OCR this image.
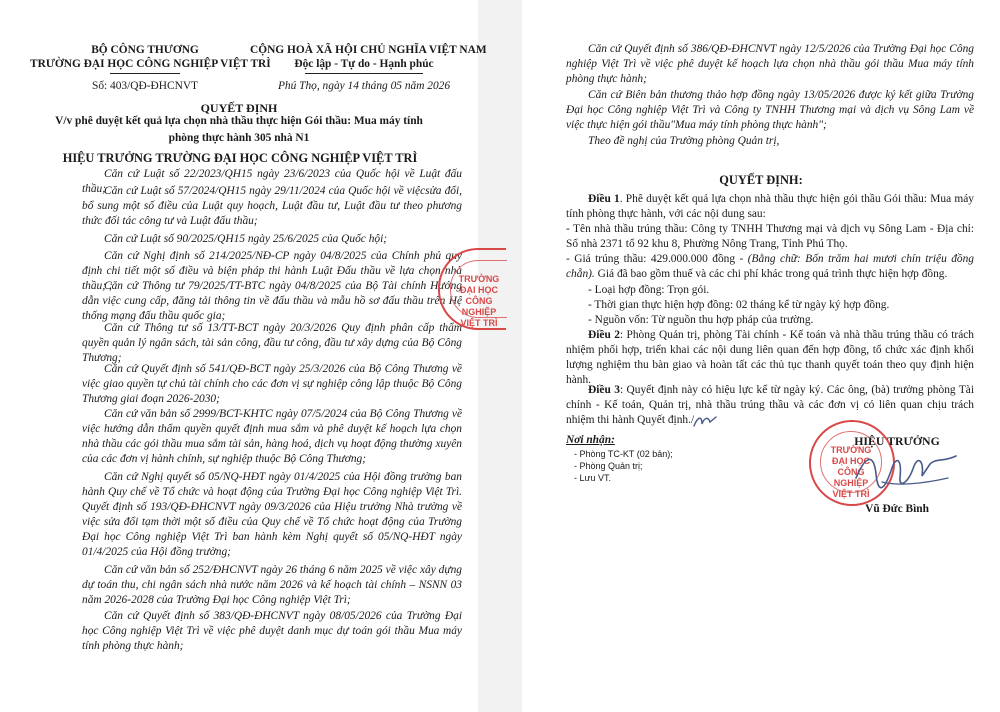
BỘ CÔNG THƯƠNG
TRƯỜNG ĐẠI HỌC CÔNG NGHIỆP VIỆT TRÌ
Số: 403/QĐ-ĐHCNVT
CỘNG HOÀ XÃ HỘI CHỦ NGHĨA VIỆT NAM
Độc lập - Tự do - Hạnh phúc
Phú Thọ, ngày 14 tháng 05 năm 2026
QUYẾT ĐỊNH
V/v phê duyệt kết quả lựa chọn nhà thầu thực hiện Gói thầu: Mua máy tính
phòng thực hành 305 nhà N1
HIỆU TRƯỞNG TRƯỜNG ĐẠI HỌC CÔNG NGHIỆP VIỆT TRÌ

Căn cứ Luật số 22/2023/QH15 ngày 23/6/2023 của Quốc hội về Luật đấu thầu;

Căn cứ Luật số 57/2024/QH15 ngày 29/11/2024 của Quốc hội về việcsửa đổi, bổ sung một số điều của Luật quy hoạch, Luật đầu tư, Luật đầu tư theo phương thức đối tác công tư và Luật đấu thầu;

Căn cứ Luật số 90/2025/QH15 ngày 25/6/2025 của Quốc hội;

Căn cứ Nghị định số 214/2025/NĐ-CP ngày 04/8/2025 của Chính phủ quy định chi tiết một số điều và biện pháp thi hành Luật Đấu thầu về lựa chọn nhà thầu; ;

Căn cứ Thông tư 79/2025/TT-BTC ngày 04/8/2025 của Bộ Tài chính Hướng dẫn việc cung cấp, đăng tải thông tin về đấu thầu và mẫu hồ sơ đấu thầu trên Hệ thống mạng đấu thầu quốc gia;

Căn cứ Thông tư số 13/TT-BCT ngày 20/3/2026 Quy định phân cấp thẩm quyền quản lý ngân sách, tài sản công, đầu tư công, đầu tư xây dựng của Bộ Công Thương;

Căn cứ Quyết định số 541/QĐ-BCT ngày 25/3/2026 của Bộ Công Thương về việc giao quyền tự chủ tài chính cho các đơn vị sự nghiệp công lập thuộc Bộ Công Thương giai đoạn 2026-2030;

Căn cứ văn bản số 2999/BCT-KHTC ngày 07/5/2024 của Bộ Công Thương về việc hướng dẫn thẩm quyền quyết định mua sắm và phê duyệt kế hoạch lựa chọn nhà thầu các gói thầu mua sắm tài sản, hàng hoá, dịch vụ hoạt động thường xuyên của các đơn vị hành chính, sự nghiệp thuộc Bộ Công Thương;

Căn cứ Nghị quyết số 05/NQ-HĐT ngày 01/4/2025 của Hội đồng trường ban hành Quy chế về Tổ chức và hoạt động của Trường Đại học Công nghiệp Việt Trì. Quyết định số 193/QĐ-ĐHCNVT ngày 09/3/2026 của Hiệu trưởng Nhà trường về việc sửa đổi tạm thời một số điều của Quy chế về Tổ chức hoạt động của Trường Đại học Công nghiệp Việt Trì ban hành kèm Nghị quyết số 05/NQ-HĐT ngày 01/4/2025 của Hội đồng trường;

Căn cứ văn bản số 252/ĐHCNVT ngày 26 tháng 6 năm 2025 về việc xây dựng dự toán thu, chi ngân sách nhà nước năm 2026 và kế hoạch tài chính – NSNN 03 năm 2026-2028 của Trường Đại học Công nghiệp Việt Trì;

Căn cứ Quyết định số 383/QĐ-ĐHCNVT ngày 08/05/2026 của Trường Đại học Công nghiệp Việt Trì về việc phê duyệt danh mục dự toán gói thầu Mua máy tính phòng thực hành;

TRƯỜNG
ĐẠI HỌC
CÔNG NGHIỆP
VIỆT TRÌ

Căn cứ Quyết định số 386/QĐ-ĐHCNVT ngày 12/5/2026 của Trường Đại học Công nghiệp Việt Trì về việc phê duyệt kế hoạch lựa chọn nhà thầu gói thầu Mua máy tính phòng thực hành;

Căn cứ Biên bản thương thảo hợp đồng ngày 13/05/2026 được ký kết giữa Trường Đại học Công nghiệp Việt Trì và Công ty TNHH Thương mại và dịch vụ Sông Lam về việc thực hiện gói thầu"Mua máy tính phòng thực hành";

Theo đề nghị của Trường phòng Quản trị,

QUYẾT ĐỊNH:

Điều 1. Phê duyệt kết quả lựa chọn nhà thầu thực hiện gói thầu Gói thầu: Mua máy tính phòng thực hành, với các nội dung sau:

- Tên nhà thầu trúng thầu: Công ty TNHH Thương mại và dịch vụ Sông Lam - Địa chỉ: Số nhà 2371 tổ 92 khu 8, Phường Nông Trang, Tỉnh Phú Thọ.

- Giá trúng thầu: 429.000.000 đồng - (Bằng chữ: Bốn trăm hai mươi chín triệu đồng chẵn). Giá đã bao gồm thuế và các chi phí khác trong quá trình thực hiện hợp đồng.

- Loại hợp đồng: Trọn gói.

- Thời gian thực hiện hợp đồng: 02 tháng kể từ ngày ký hợp đồng.

- Nguồn vốn: Từ nguồn thu hợp pháp của trường.

Điều 2: Phòng Quản trị, phòng Tài chính - Kế toán và nhà thầu trúng thầu có trách nhiệm phối hợp, triển khai các nội dung liên quan đến hợp đồng, tổ chức xác định khối lượng nghiệm thu bàn giao và hoàn tất các thủ tục thanh quyết toán theo quy định hiện hành.

Điều 3: Quyết định này có hiệu lực kể từ ngày ký. Các ông, (bà) trưởng phòng Tài chính - Kế toán, Quản trị, nhà thầu trúng thầu và các đơn vị có liên quan chịu trách nhiệm thi hành Quyết định./.

Nơi nhận:
- Phòng TC-KT (02 bản);
- Phòng Quản trị;
- Lưu VT.
TRƯỜNG
ĐẠI HỌC
CÔNG NGHIỆP
VIỆT TRÌ
HIỆU TRƯỞNG
Vũ Đức Bình
